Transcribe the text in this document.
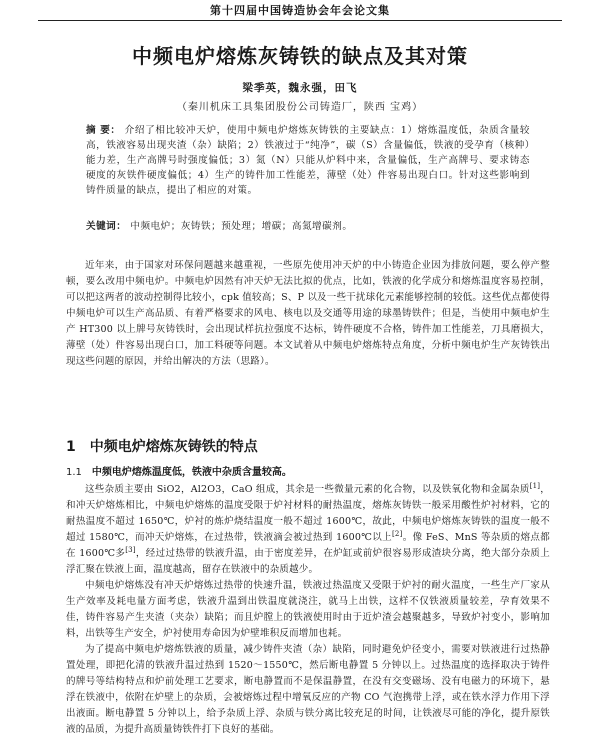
第十四届中国铸造协会年会论文集
中频电炉熔炼灰铸铁的缺点及其对策
梁季英，魏永强，田飞
（秦川机床工具集团股份公司铸造厂，陕西 宝鸡）
摘 要： 介绍了相比较冲天炉，使用中频电炉熔炼灰铸铁的主要缺点：1）熔炼温度低，杂质含量较高，铁液容易出现夹渣（杂）缺陷；2）铁液过于“纯净”，碳（S）含量偏低，铁液的受孕育（核种）能力差，生产高牌号时强度偏低；3）氮（N）只能从炉料中来，含量偏低，生产高牌号、要求铸态硬度的灰铁件硬度偏低；4）生产的铸件加工性能差，薄壁（处）件容易出现白口。针对这些影响到铸件质量的缺点，提出了相应的对策。
关键词： 中频电炉；灰铸铁；预处理；增碳；高氮增碳剂。

近年来，由于国家对环保问题越来越重视，一些原先使用冲天炉的中小铸造企业因为排放问题，要么停产整顿，要么改用中频电炉。中频电炉因然有冲天炉无法比拟的优点，比如，铁液的化学成分和熔炼温度容易控制，可以把这两者的波动控制得比较小，cpk 值较高；S、P 以及一些干扰球化元素能够控制的较低。这些优点都使得中频电炉可以生产高品质、有着严格要求的风电、核电以及交通等用途的球墨铸铁件；但是，当使用中频电炉生产 HT300 以上牌号灰铸铁时，会出现试样抗拉强度不达标，铸件硬度不合格，铸件加工性能差，刀具磨损大，薄壁（处）件容易出现白口，加工料硬等问题。本文试着从中频电炉熔炼特点角度，分析中频电炉生产灰铸铁出现这些问题的原因，并给出解决的方法（思路）。

1 中频电炉熔炼灰铸铁的特点
1.1 中频电炉熔炼温度低，铁液中杂质含量较高。

这些杂质主要由 SiO2，Al2O3，CaO 组成，其余是一些微量元素的化合物，以及铁氧化物和金属杂质[1]，和冲天炉熔炼相比，中频电炉熔炼的温度受限于炉衬材料的耐热温度，熔炼灰铸铁一般采用酸性炉衬材料，它的耐热温度不超过 1650℃，炉衬的炼炉烧结温度一般不超过 1600℃，故此，中频电炉熔炼灰铸铁的温度一般不超过 1580℃，而冲天炉熔炼，在过热带，铁液滴会被过热到 1600℃以上[2]。像 FeS、MnS 等杂质的熔点都在 1600℃多[3]，经过过热带的铁液升温，由于密度差异，在炉缸或前炉很容易形成渣块分离，绝大部分杂质上浮汇聚在铁液上面，温度越高，留存在铁液中的杂质越少。

中频电炉熔炼没有冲天炉熔炼过热带的快速升温，铁液过热温度又受限于炉衬的耐火温度，一些生产厂家从生产效率及耗电量方面考虑，铁液升温到出铁温度就浇注，就马上出铁，这样不仅铁液质量较差，孕育效果不佳，铸件容易产生夹渣（夹杂）缺陷；而且炉膛上的铁液使用时由于近炉渣会越聚越多，导致炉衬变小，影响加料，出铁等生产安全，炉衬使用寿命因为炉壁堆积反而增加也耗。

为了提高中频电炉熔炼铁液的质量，减少铸件夹渣（杂）缺陷，同时避免炉径变小，需要对铁液进行过热静置处理，即把化清的铁液升温过热到 1520～1550℃，然后断电静置 5 分钟以上。过热温度的选择取决于铸件的牌号等结构特点和炉前处理工艺要求，断电静置而不是保温静置，在没有交变磁场、没有电磁力的环境下，悬浮在铁液中，依附在炉壁上的杂质，会被熔炼过程中增氧反应的产物 CO 气泡携带上浮，或在铁水浮力作用下浮出液面。断电静置 5 分钟以上，给予杂质上浮、杂质与铁分离比较充足的时间，让铁液尽可能的净化，提升原铁液的品质，为提升高质量铸铁件打下良好的基础。
